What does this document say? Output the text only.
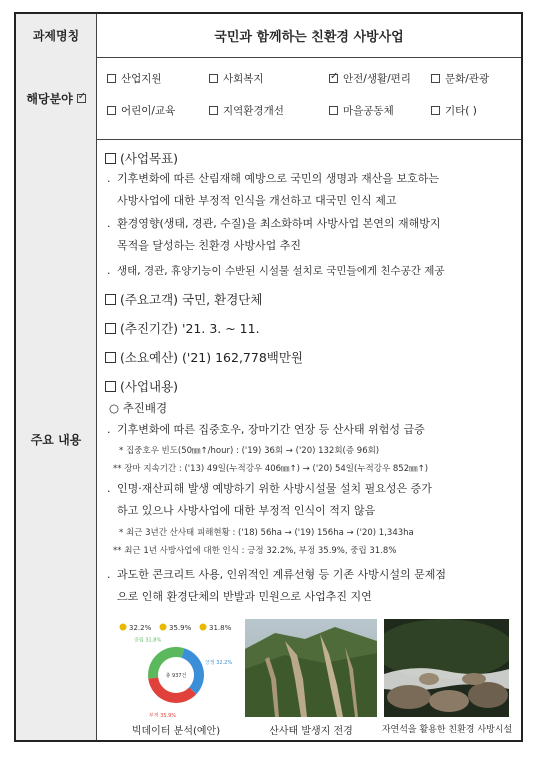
과제명칭	국민과 함께하는 친환경 사방사업
해당분야
✓
산업지원	사회복지
✓	안전/생활/편리	문화/관광
어린이/교육	지역환경개선	마을공동체	기타( )
주요 내용
(사업목표)
· 기후변화에 따른 산림재해 예방으로 국민의 생명과 재산을 보호하는
사방사업에 대한 부정적 인식을 개선하고 대국민 인식 제고
· 환경영향(생태, 경관, 수질)을 최소화하며 사방사업 본연의 재해방지
목적을 달성하는 친환경 사방사업 추진
· 생태, 경관, 휴양기능이 수반된 시설물 설치로 국민들에게 친수공간 제공
(주요고객) 국민, 환경단체
(추진기간) '21. 3. ~ 11.
(소요예산) ('21) 162,778백만원
(사업내용)
○ 추진배경
· 기후변화에 따른 집중호우, 장마기간 연장 등 산사태 위험성 급증
* 집중호우 빈도(50㎜↑/hour) : ('19) 36회 → ('20) 132회(증 96회)
** 장마 지속기간 : ('13) 49일(누적강우 406㎜↑) → ('20) 54일(누적강우 852㎜↑)
· 인명·재산피해 발생 예방하기 위한 사방시설물 설치 필요성은 증가
하고 있으나 사방사업에 대한 부정적 인식이 적지 않음
* 최근 3년간 산사태 피해현황 : ('18) 56ha → ('19) 156ha → ('20) 1,343ha
** 최근 1년 사방사업에 대한 인식 : 긍정 32.2%, 부정 35.9%, 중립 31.8%
· 과도한 콘크리트 사용, 인위적인 계류선형 등 기존 사방시설의 문제점
으로 인해 환경단체의 반발과 민원으로 사업추진 지연
32.2%	35.9%	31.8%
긍정 32.2%
부정 35.9%
중립 31.8%
총 937건
빅데이터 분석(예안)	산사태 발생지 전경	자연석을 활용한 친환경 사방시설
